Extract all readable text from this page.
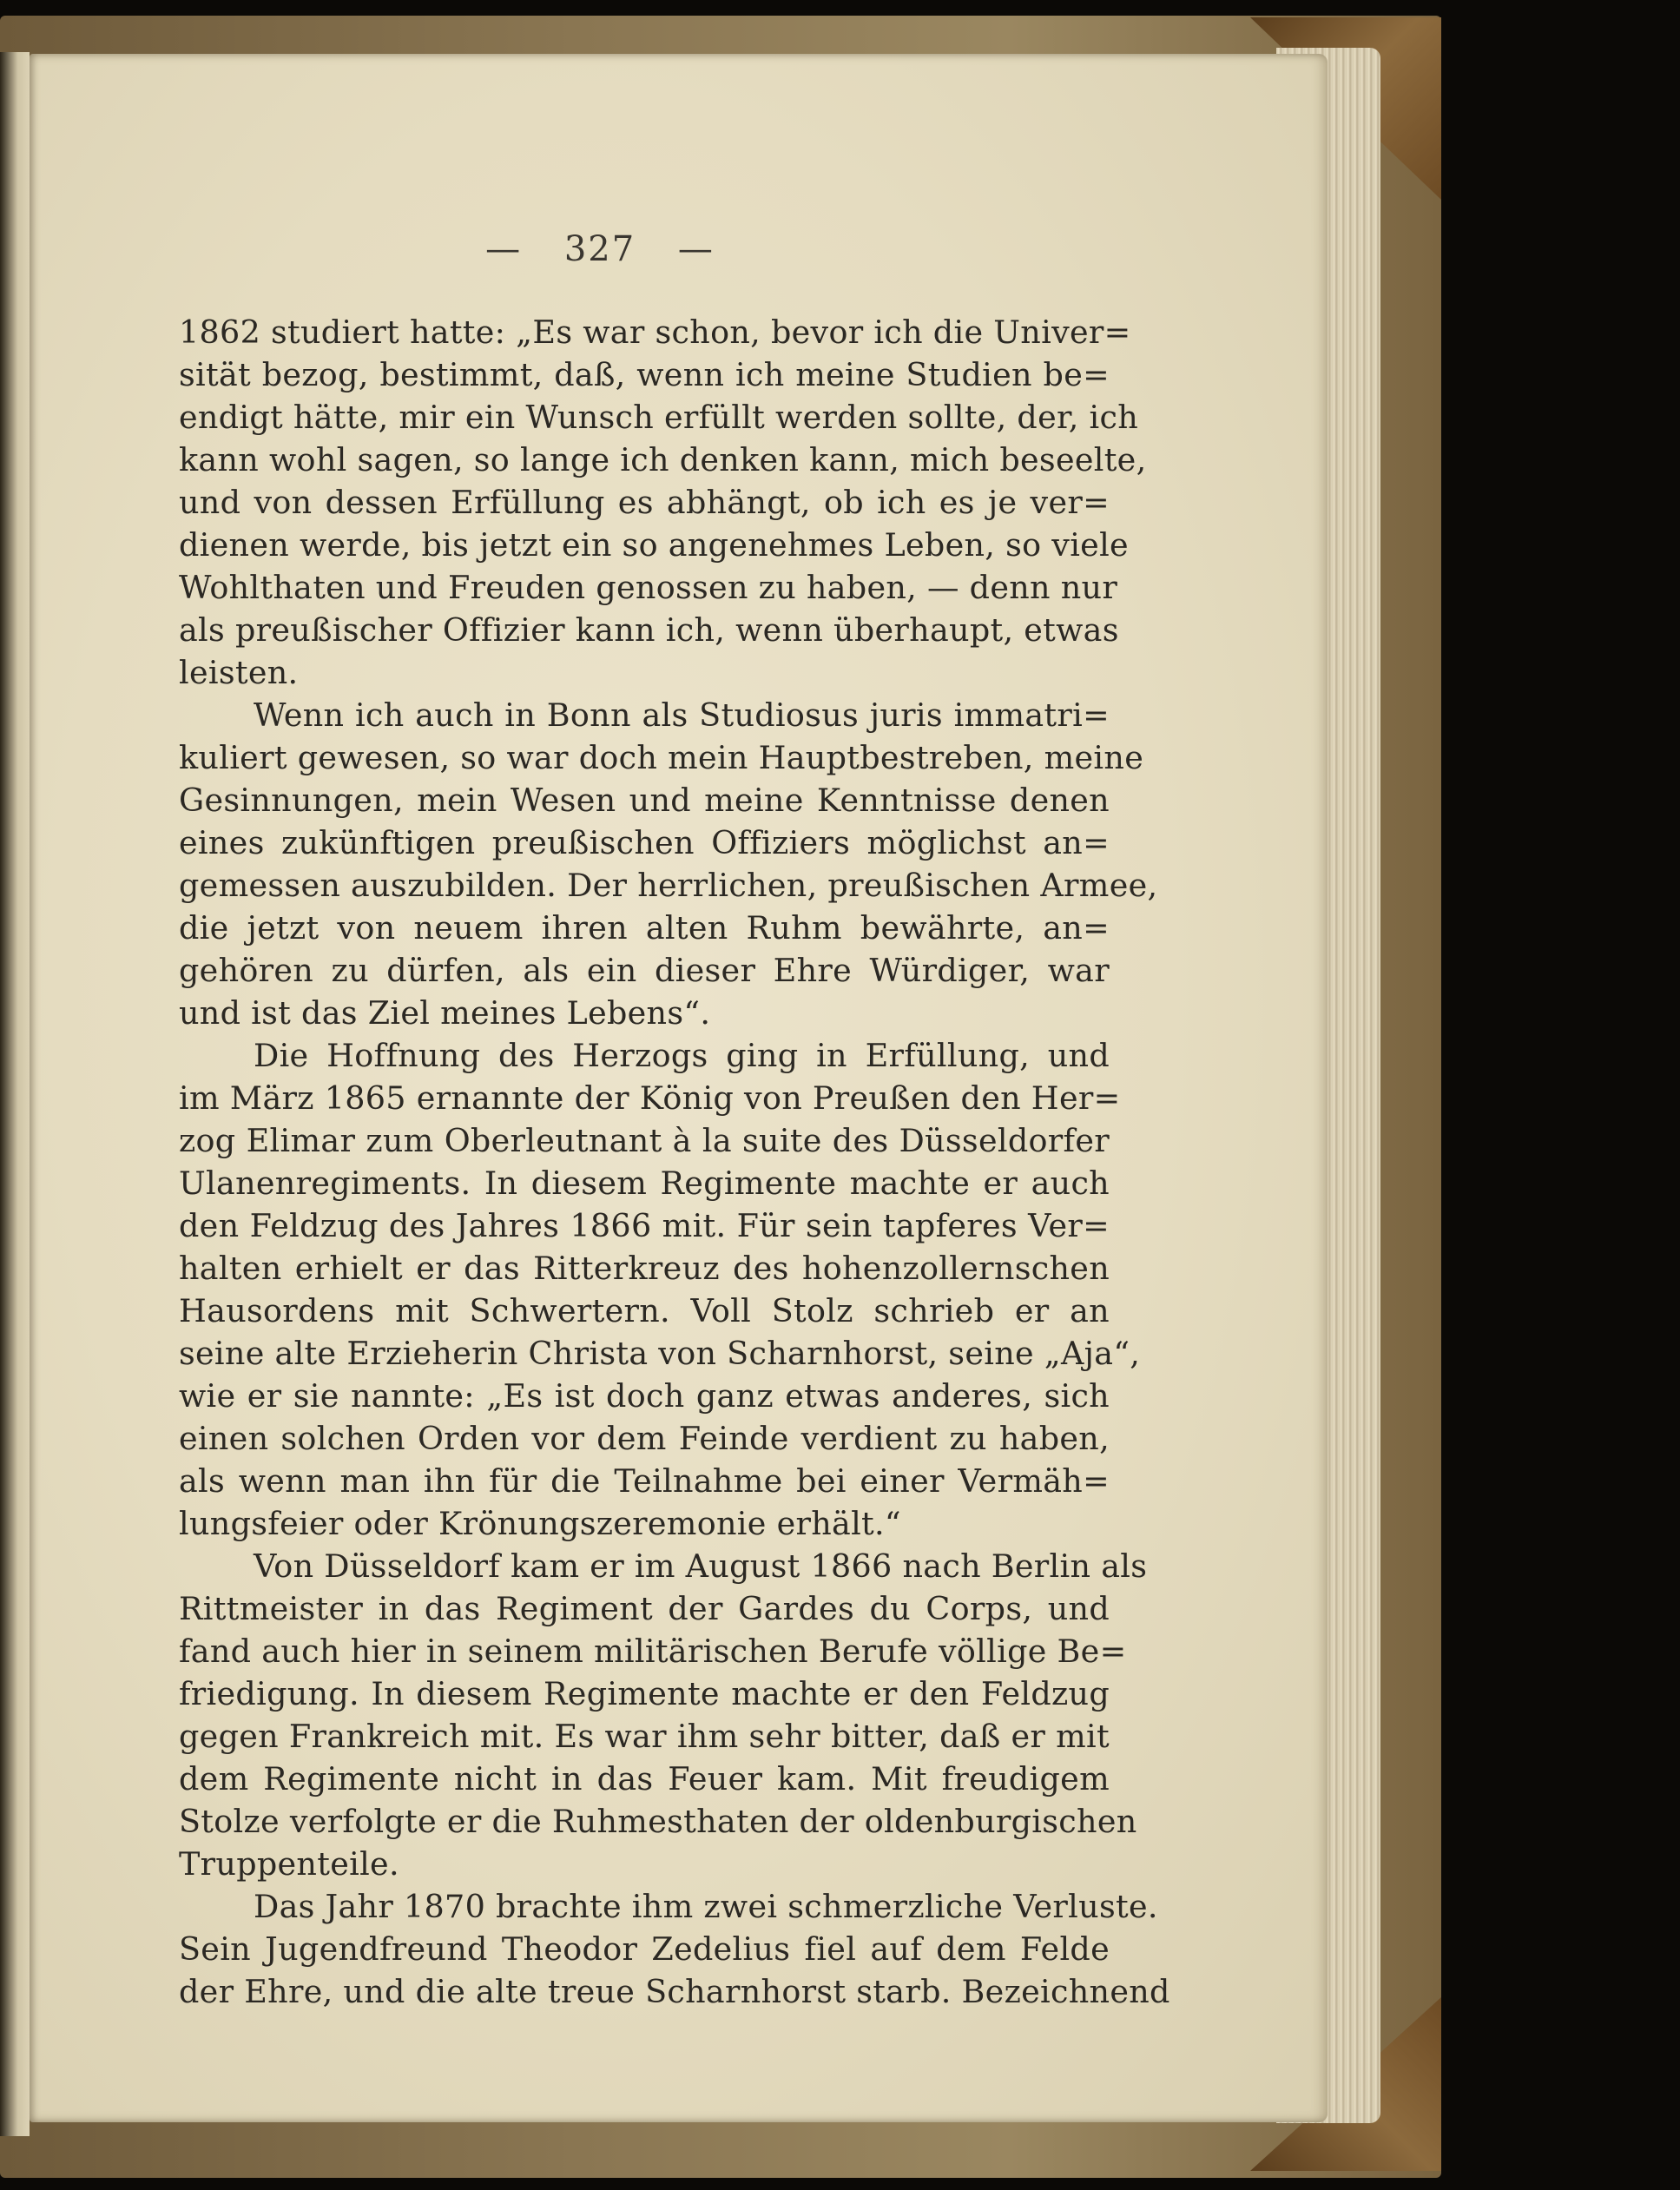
— 327 —
1862 studiert hatte: „Es war schon, bevor ich die Univer=
sität bezog, bestimmt, daß, wenn ich meine Studien be=
endigt hätte, mir ein Wunsch erfüllt werden sollte, der, ich
kann wohl sagen, so lange ich denken kann, mich beseelte,
und von dessen Erfüllung es abhängt, ob ich es je ver=
dienen werde, bis jetzt ein so angenehmes Leben, so viele
Wohlthaten und Freuden genossen zu haben, — denn nur
als preußischer Offizier kann ich, wenn überhaupt, etwas
leisten.
Wenn ich auch in Bonn als Studiosus juris immatri=
kuliert gewesen, so war doch mein Hauptbestreben, meine
Gesinnungen, mein Wesen und meine Kenntnisse denen
eines zukünftigen preußischen Offiziers möglichst an=
gemessen auszubilden. Der herrlichen, preußischen Armee,
die jetzt von neuem ihren alten Ruhm bewährte, an=
gehören zu dürfen, als ein dieser Ehre Würdiger, war
und ist das Ziel meines Lebens“.
Die Hoffnung des Herzogs ging in Erfüllung, und
im März 1865 ernannte der König von Preußen den Her=
zog Elimar zum Oberleutnant à la suite des Düsseldorfer
Ulanenregiments. In diesem Regimente machte er auch
den Feldzug des Jahres 1866 mit. Für sein tapferes Ver=
halten erhielt er das Ritterkreuz des hohenzollernschen
Hausordens mit Schwertern. Voll Stolz schrieb er an
seine alte Erzieherin Christa von Scharnhorst, seine „Aja“,
wie er sie nannte: „Es ist doch ganz etwas anderes, sich
einen solchen Orden vor dem Feinde verdient zu haben,
als wenn man ihn für die Teilnahme bei einer Vermäh=
lungsfeier oder Krönungszeremonie erhält.“
Von Düsseldorf kam er im August 1866 nach Berlin als
Rittmeister in das Regiment der Gardes du Corps, und
fand auch hier in seinem militärischen Berufe völlige Be=
friedigung. In diesem Regimente machte er den Feldzug
gegen Frankreich mit. Es war ihm sehr bitter, daß er mit
dem Regimente nicht in das Feuer kam. Mit freudigem
Stolze verfolgte er die Ruhmesthaten der oldenburgischen
Truppenteile.
Das Jahr 1870 brachte ihm zwei schmerzliche Verluste.
Sein Jugendfreund Theodor Zedelius fiel auf dem Felde
der Ehre, und die alte treue Scharnhorst starb. Bezeichnend
